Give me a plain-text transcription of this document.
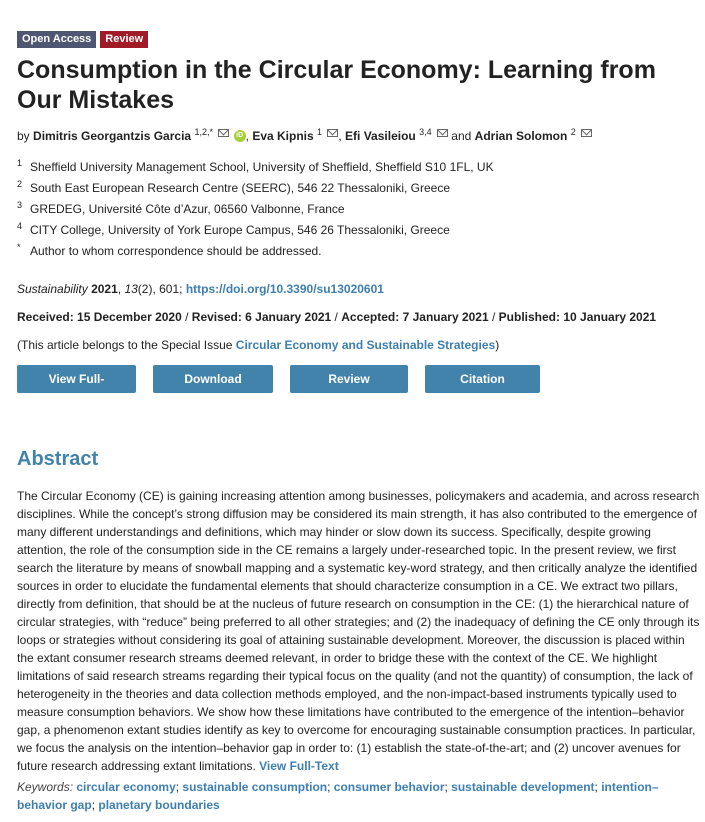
Open Access	Review
Consumption in the Circular Economy: Learning from Our Mistakes
by Dimitris Georgantzis Garcia $^{1,2,*}$	iD , Eva Kipnis $^1$ , Efi Vasileiou $^{3,4}$ and Adrian Solomon $^2$
1 Sheffield University Management School, University of Sheffield, Sheffield S10 1FL, UK
2 South East European Research Centre (SEERC), 546 22 Thessaloniki, Greece
3 GREDEG, Université Côte d’Azur, 06560 Valbonne, France
4 CITY College, University of York Europe Campus, 546 26 Thessaloniki, Greece
* Author to whom correspondence should be addressed.
Sustainability 2021, 13(2), 601; https://doi.org/10.3390/su13020601
Received: 15 December 2020 / Revised: 6 January 2021 / Accepted: 7 January 2021 / Published: 10 January 2021
(This article belongs to the Special Issue Circular Economy and Sustainable Strategies)
View Full-Text
Download PDF
Review Reports
Citation Export
Abstract
The Circular Economy (CE) is gaining increasing attention among businesses, policymakers and academia, and across research disciplines. While the concept’s strong diffusion may be considered its main strength, it has also contributed to the emergence of many different understandings and definitions, which may hinder or slow down its success. Specifically, despite growing attention, the role of the consumption side in the CE remains a largely under-researched topic. In the present review, we first search the literature by means of snowball mapping and a systematic key-word strategy, and then critically analyze the identified sources in order to elucidate the fundamental elements that should characterize consumption in a CE. We extract two pillars, directly from definition, that should be at the nucleus of future research on consumption in the CE: (1) the hierarchical nature of circular strategies, with “reduce” being preferred to all other strategies; and (2) the inadequacy of defining the CE only through its loops or strategies without considering its goal of attaining sustainable development. Moreover, the discussion is placed within the extant consumer research streams deemed relevant, in order to bridge these with the context of the CE. We highlight limitations of said research streams regarding their typical focus on the quality (and not the quantity) of consumption, the lack of heterogeneity in the theories and data collection methods employed, and the non-impact-based instruments typically used to measure consumption behaviors. We show how these limitations have contributed to the emergence of the intention–behavior gap, a phenomenon extant studies identify as key to overcome for encouraging sustainable consumption practices. In particular, we focus the analysis on the intention–behavior gap in order to: (1) establish the state-of-the-art; and (2) uncover avenues for future research addressing extant limitations. View Full-Text
Keywords: circular economy; sustainable consumption; consumer behavior; sustainable development; intention–behavior gap; planetary boundaries
